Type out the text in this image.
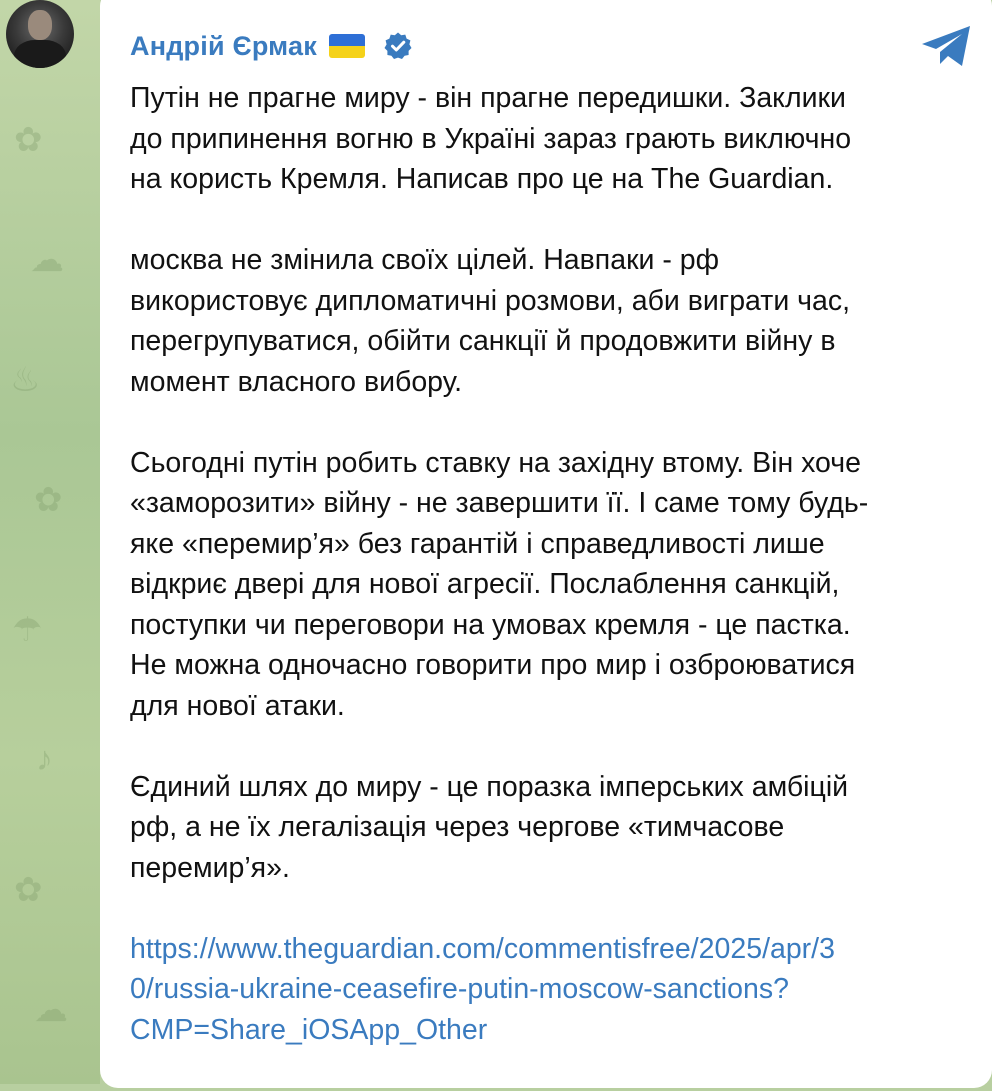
✿
☁
♨
✿
☂
♪
✿
☁
Андрій Єрмак

Путін не прагне миру - він прагне передишки. Заклики
до припинення вогню в Україні зараз грають виключно
на користь Кремля. Написав про це на The Guardian.

москва не змінила своїх цілей. Навпаки - рф
використовує дипломатичні розмови, аби виграти час,
перегрупуватися, обійти санкції й продовжити війну в
момент власного вибору.

Сьогодні путін робить ставку на західну втому. Він хоче
«заморозити» війну - не завершити її. І саме тому будь-
яке «перемир’я» без гарантій і справедливості лише
відкриє двері для нової агресії. Послаблення санкцій,
поступки чи переговори на умовах кремля - це пастка.
Не можна одночасно говорити про мир і озброюватися
для нової атаки.

Єдиний шлях до миру - це поразка імперських амбіцій
рф, а не їх легалізація через чергове «тимчасове
перемир’я».

https://www.theguardian.com/commentisfree/2025/apr/3
0/russia-ukraine-ceasefire-putin-moscow-sanctions?
CMP=Share_iOSApp_Other
